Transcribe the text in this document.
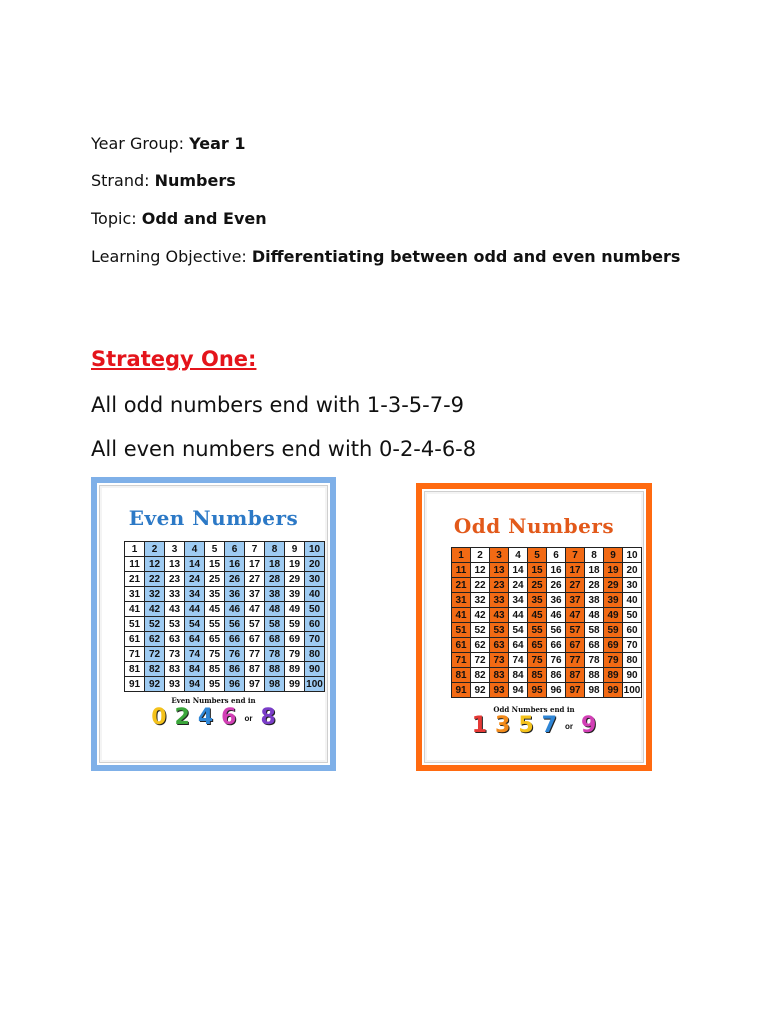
Year Group: Year 1

Strand: Numbers

Topic: Odd and Even

Learning Objective: Differentiating between odd and even numbers

Strategy One:

All odd numbers end with 1-3-5-7-9

All even numbers end with 0-2-4-6-8

Even Numbers
1	2	3	4	5	6	7	8	9	10
11	12	13	14	15	16	17	18	19	20
21	22	23	24	25	26	27	28	29	30
31	32	33	34	35	36	37	38	39	40
41	42	43	44	45	46	47	48	49	50
51	52	53	54	55	56	57	58	59	60
61	62	63	64	65	66	67	68	69	70
71	72	73	74	75	76	77	78	79	80
81	82	83	84	85	86	87	88	89	90
91	92	93	94	95	96	97	98	99	100
Even Numbers end in
0 2 4 6 or 8
Odd Numbers
1	2	3	4	5	6	7	8	9	10
11	12	13	14	15	16	17	18	19	20
21	22	23	24	25	26	27	28	29	30
31	32	33	34	35	36	37	38	39	40
41	42	43	44	45	46	47	48	49	50
51	52	53	54	55	56	57	58	59	60
61	62	63	64	65	66	67	68	69	70
71	72	73	74	75	76	77	78	79	80
81	82	83	84	85	86	87	88	89	90
91	92	93	94	95	96	97	98	99	100
Odd Numbers end in
1 3 5 7 or 9
